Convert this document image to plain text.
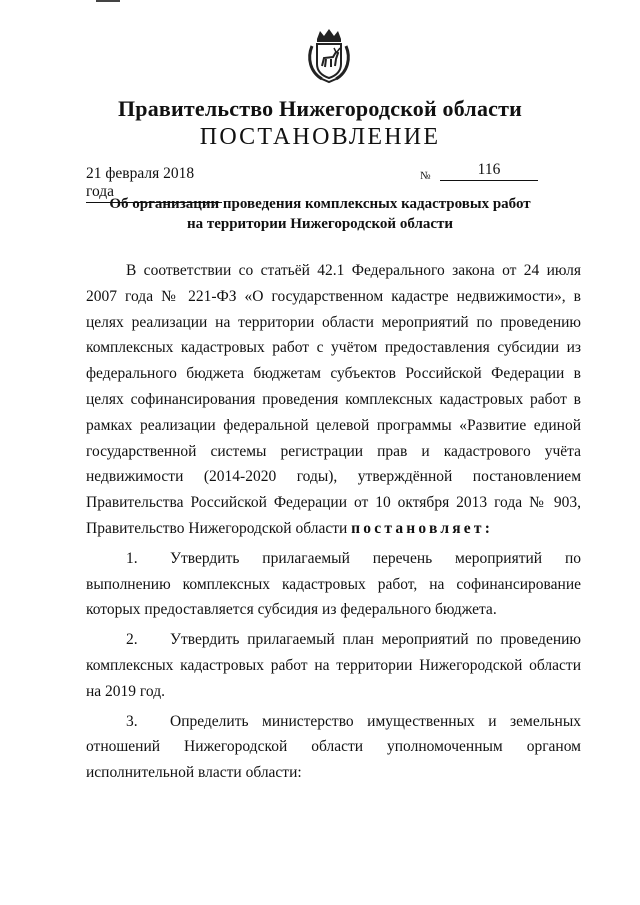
Правительство Нижегородской области
ПОСТАНОВЛЕНИЕ
21 февраля 2018 года
№	116
Об организации проведения комплексных кадастровых работ
на территории Нижегородской области

В соответствии со статьёй 42.1 Федерального закона от 24 июля 2007 года № 221-ФЗ «О государственном кадастре недвижимости», в целях реализации на территории области мероприятий по проведению комплексных кадастровых работ с учётом предоставления субсидии из федерального бюджета бюджетам субъектов Российской Федерации в целях софинансирования проведения комплексных кадастровых работ в рамках реализации федеральной целевой программы «Развитие единой государственной системы регистрации прав и кадастрового учёта недвижимости (2014-2020 годы), утверждённой постановлением Правительства Российской Федерации от 10 октября 2013 года № 903, Правительство Нижегородской области постановляет:

1. Утвердить прилагаемый перечень мероприятий по выполнению комплексных кадастровых работ, на софинансирование которых предоставляется субсидия из федерального бюджета.

2. Утвердить прилагаемый план мероприятий по проведению комплексных кадастровых работ на территории Нижегородской области на 2019 год.

3. Определить министерство имущественных и земельных отношений Нижегородской области уполномоченным органом исполнительной власти области:
